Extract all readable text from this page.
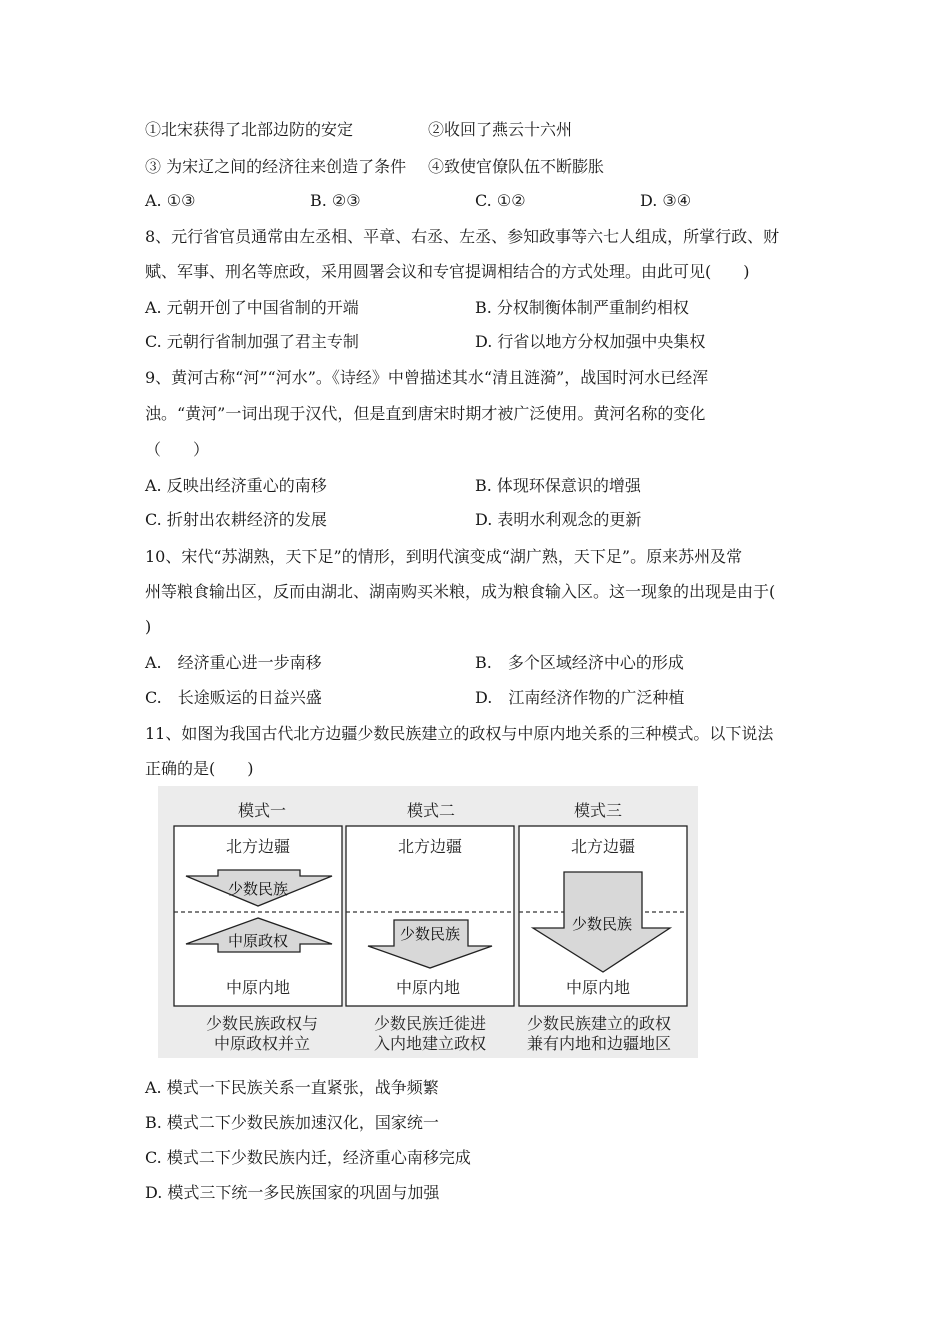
①北宋获得了北部边防的安定	②收回了燕云十六州
③ 为宋辽之间的经济往来创造了条件 ④致使官僚队伍不断膨胀
A. ①③	B. ②③	C. ①②	D. ③④
8、元行省官员通常由左丞相、平章、右丞、左丞、参知政事等六七人组成，所掌行政、财
赋、军事、刑名等庶政，采用圆署会议和专官提调相结合的方式处理。由此可见(　　)
A. 元朝开创了中国省制的开端	B. 分权制衡体制严重制约相权
C. 元朝行省制加强了君主专制	D. 行省以地方分权加强中央集权
9、黄河古称“河”“河水”。《诗经》中曾描述其水“清且涟漪”，战国时河水已经浑
浊。“黄河”一词出现于汉代，但是直到唐宋时期才被广泛使用。黄河名称的变化
（　　）
A. 反映出经济重心的南移	B. 体现环保意识的增强
C. 折射出农耕经济的发展	D. 表明水利观念的更新
10、宋代“苏湖熟，天下足”的情形，到明代演变成“湖广熟，天下足”。原来苏州及常
州等粮食输出区，反而由湖北、湖南购买米粮，成为粮食输入区。这一现象的出现是由于(
)
A.　经济重心进一步南移	B.　多个区域经济中心的形成
C.　长途贩运的日益兴盛	D.　江南经济作物的广泛种植
11、如图为我国古代北方边疆少数民族建立的政权与中原内地关系的三种模式。以下说法
正确的是(　　)
模式一	模式二	模式三
北方边疆	北方边疆	北方边疆
少数民族
中原政权	少数民族
少数民族
中原内地	中原内地	中原内地
少数民族政权与
中原政权并立
少数民族迁徙进
入内地建立政权
少数民族建立的政权
兼有内地和边疆地区
A. 模式一下民族关系一直紧张，战争频繁
B. 模式二下少数民族加速汉化，国家统一
C. 模式二下少数民族内迁，经济重心南移完成
D. 模式三下统一多民族国家的巩固与加强
